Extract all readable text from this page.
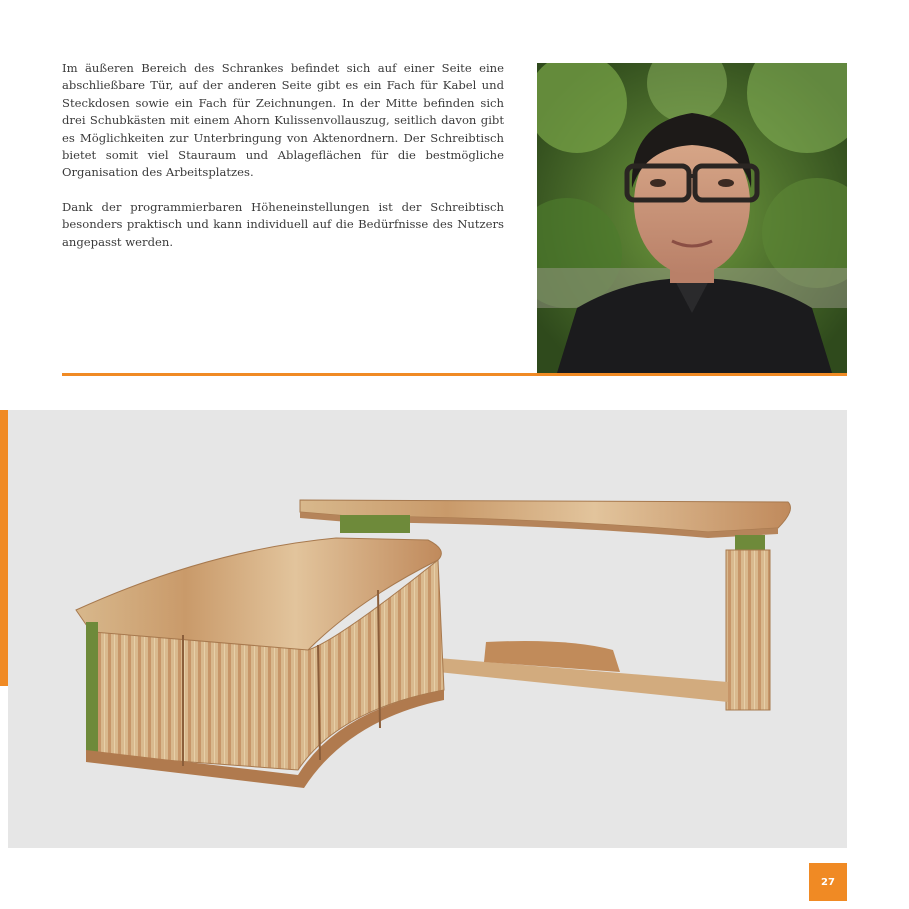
Im äußeren Bereich des Schrankes befindet sich auf einer Seite eine abschließbare Tür, auf der anderen Seite gibt es ein Fach für Kabel und Steckdosen sowie ein Fach für Zeichnungen. In der Mitte befinden sich drei Schubkästen mit einem Ahorn Kulissenvollauszug, seitlich davon gibt es Möglichkeiten zur Unterbringung von Aktenordnern. Der Schreibtisch bietet somit viel Stauraum und Ablageflächen für die bestmögliche Organisation des Arbeitsplatzes.

Dank der programmierbaren Höheneinstellungen ist der Schreibtisch besonders praktisch und kann individuell auf die Bedürfnisse des Nutzers angepasst werden.

27
